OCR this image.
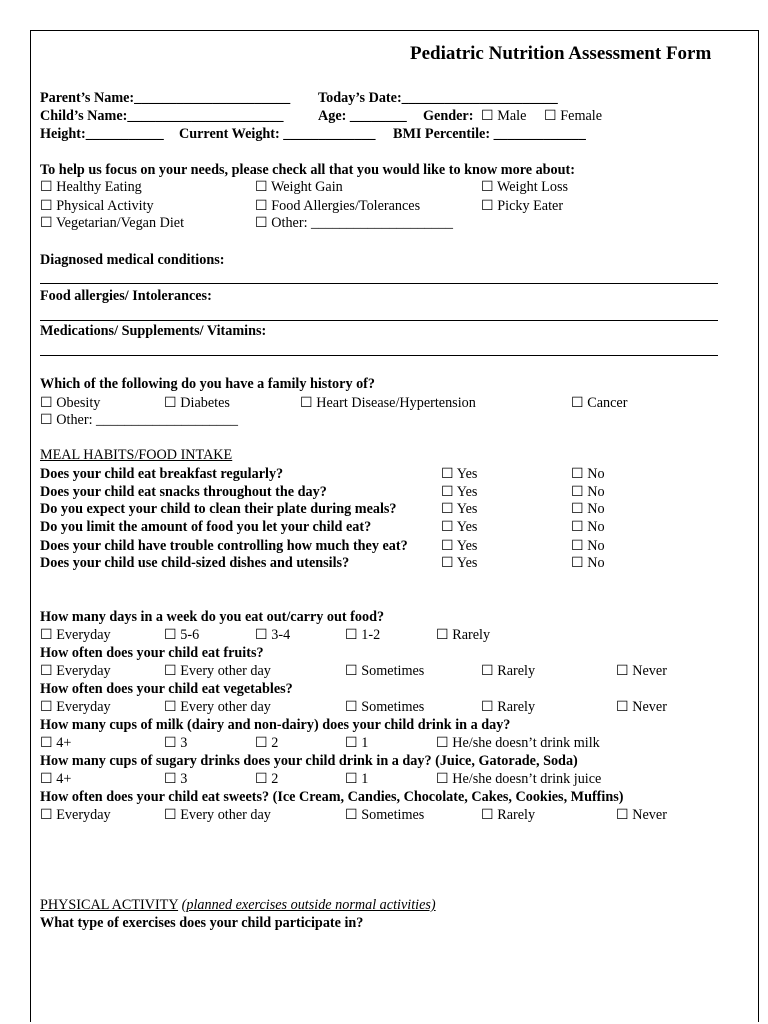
Pediatric Nutrition Assessment Form
Parent’s Name:______________________ Today’s Date:______________________
Child’s Name:______________________ Age: ________ Gender: ☐ Male ☐ Female
Height:___________ Current Weight: _____________ BMI Percentile: _____________
To help us focus on your needs, please check all that you would like to know more about:
☐ Healthy Eating	☐ Weight Gain	☐ Weight Loss
☐ Physical Activity	☐ Food Allergies/Tolerances	☐ Picky Eater
☐ Vegetarian/Vegan Diet	☐ Other: ____________________
Diagnosed medical conditions:
Food allergies/ Intolerances:
Medications/ Supplements/ Vitamins:
Which of the following do you have a family history of?
☐ Obesity	☐ Diabetes	☐ Heart Disease/Hypertension	☐ Cancer
☐ Other: ____________________
MEAL HABITS/FOOD INTAKE
Does your child eat breakfast regularly?	☐ Yes	☐ No
Does your child eat snacks throughout the day?	☐ Yes	☐ No
Do you expect your child to clean their plate during meals?	☐ Yes	☐ No
Do you limit the amount of food you let your child eat?	☐ Yes	☐ No
Does your child have trouble controlling how much they eat? ☐ Yes	☐ No
Does your child use child-sized dishes and utensils?	☐ Yes	☐ No
How many days in a week do you eat out/carry out food?
☐ Everyday	☐ 5-6	☐ 3-4	☐ 1-2	☐ Rarely
How often does your child eat fruits?
☐ Everyday	☐ Every other day	☐ Sometimes	☐ Rarely	☐ Never
How often does your child eat vegetables?
☐ Everyday	☐ Every other day	☐ Sometimes	☐ Rarely	☐ Never
How many cups of milk (dairy and non-dairy) does your child drink in a day?
☐ 4+	☐ 3	☐ 2	☐ 1	☐ He/she doesn’t drink milk
How many cups of sugary drinks does your child drink in a day? (Juice, Gatorade, Soda)
☐ 4+	☐ 3	☐ 2	☐ 1	☐ He/she doesn’t drink juice
How often does your child eat sweets? (Ice Cream, Candies, Chocolate, Cakes, Cookies, Muffins)
☐ Everyday	☐ Every other day	☐ Sometimes	☐ Rarely	☐ Never
PHYSICAL ACTIVITY (planned exercises outside normal activities)
What type of exercises does your child participate in?
